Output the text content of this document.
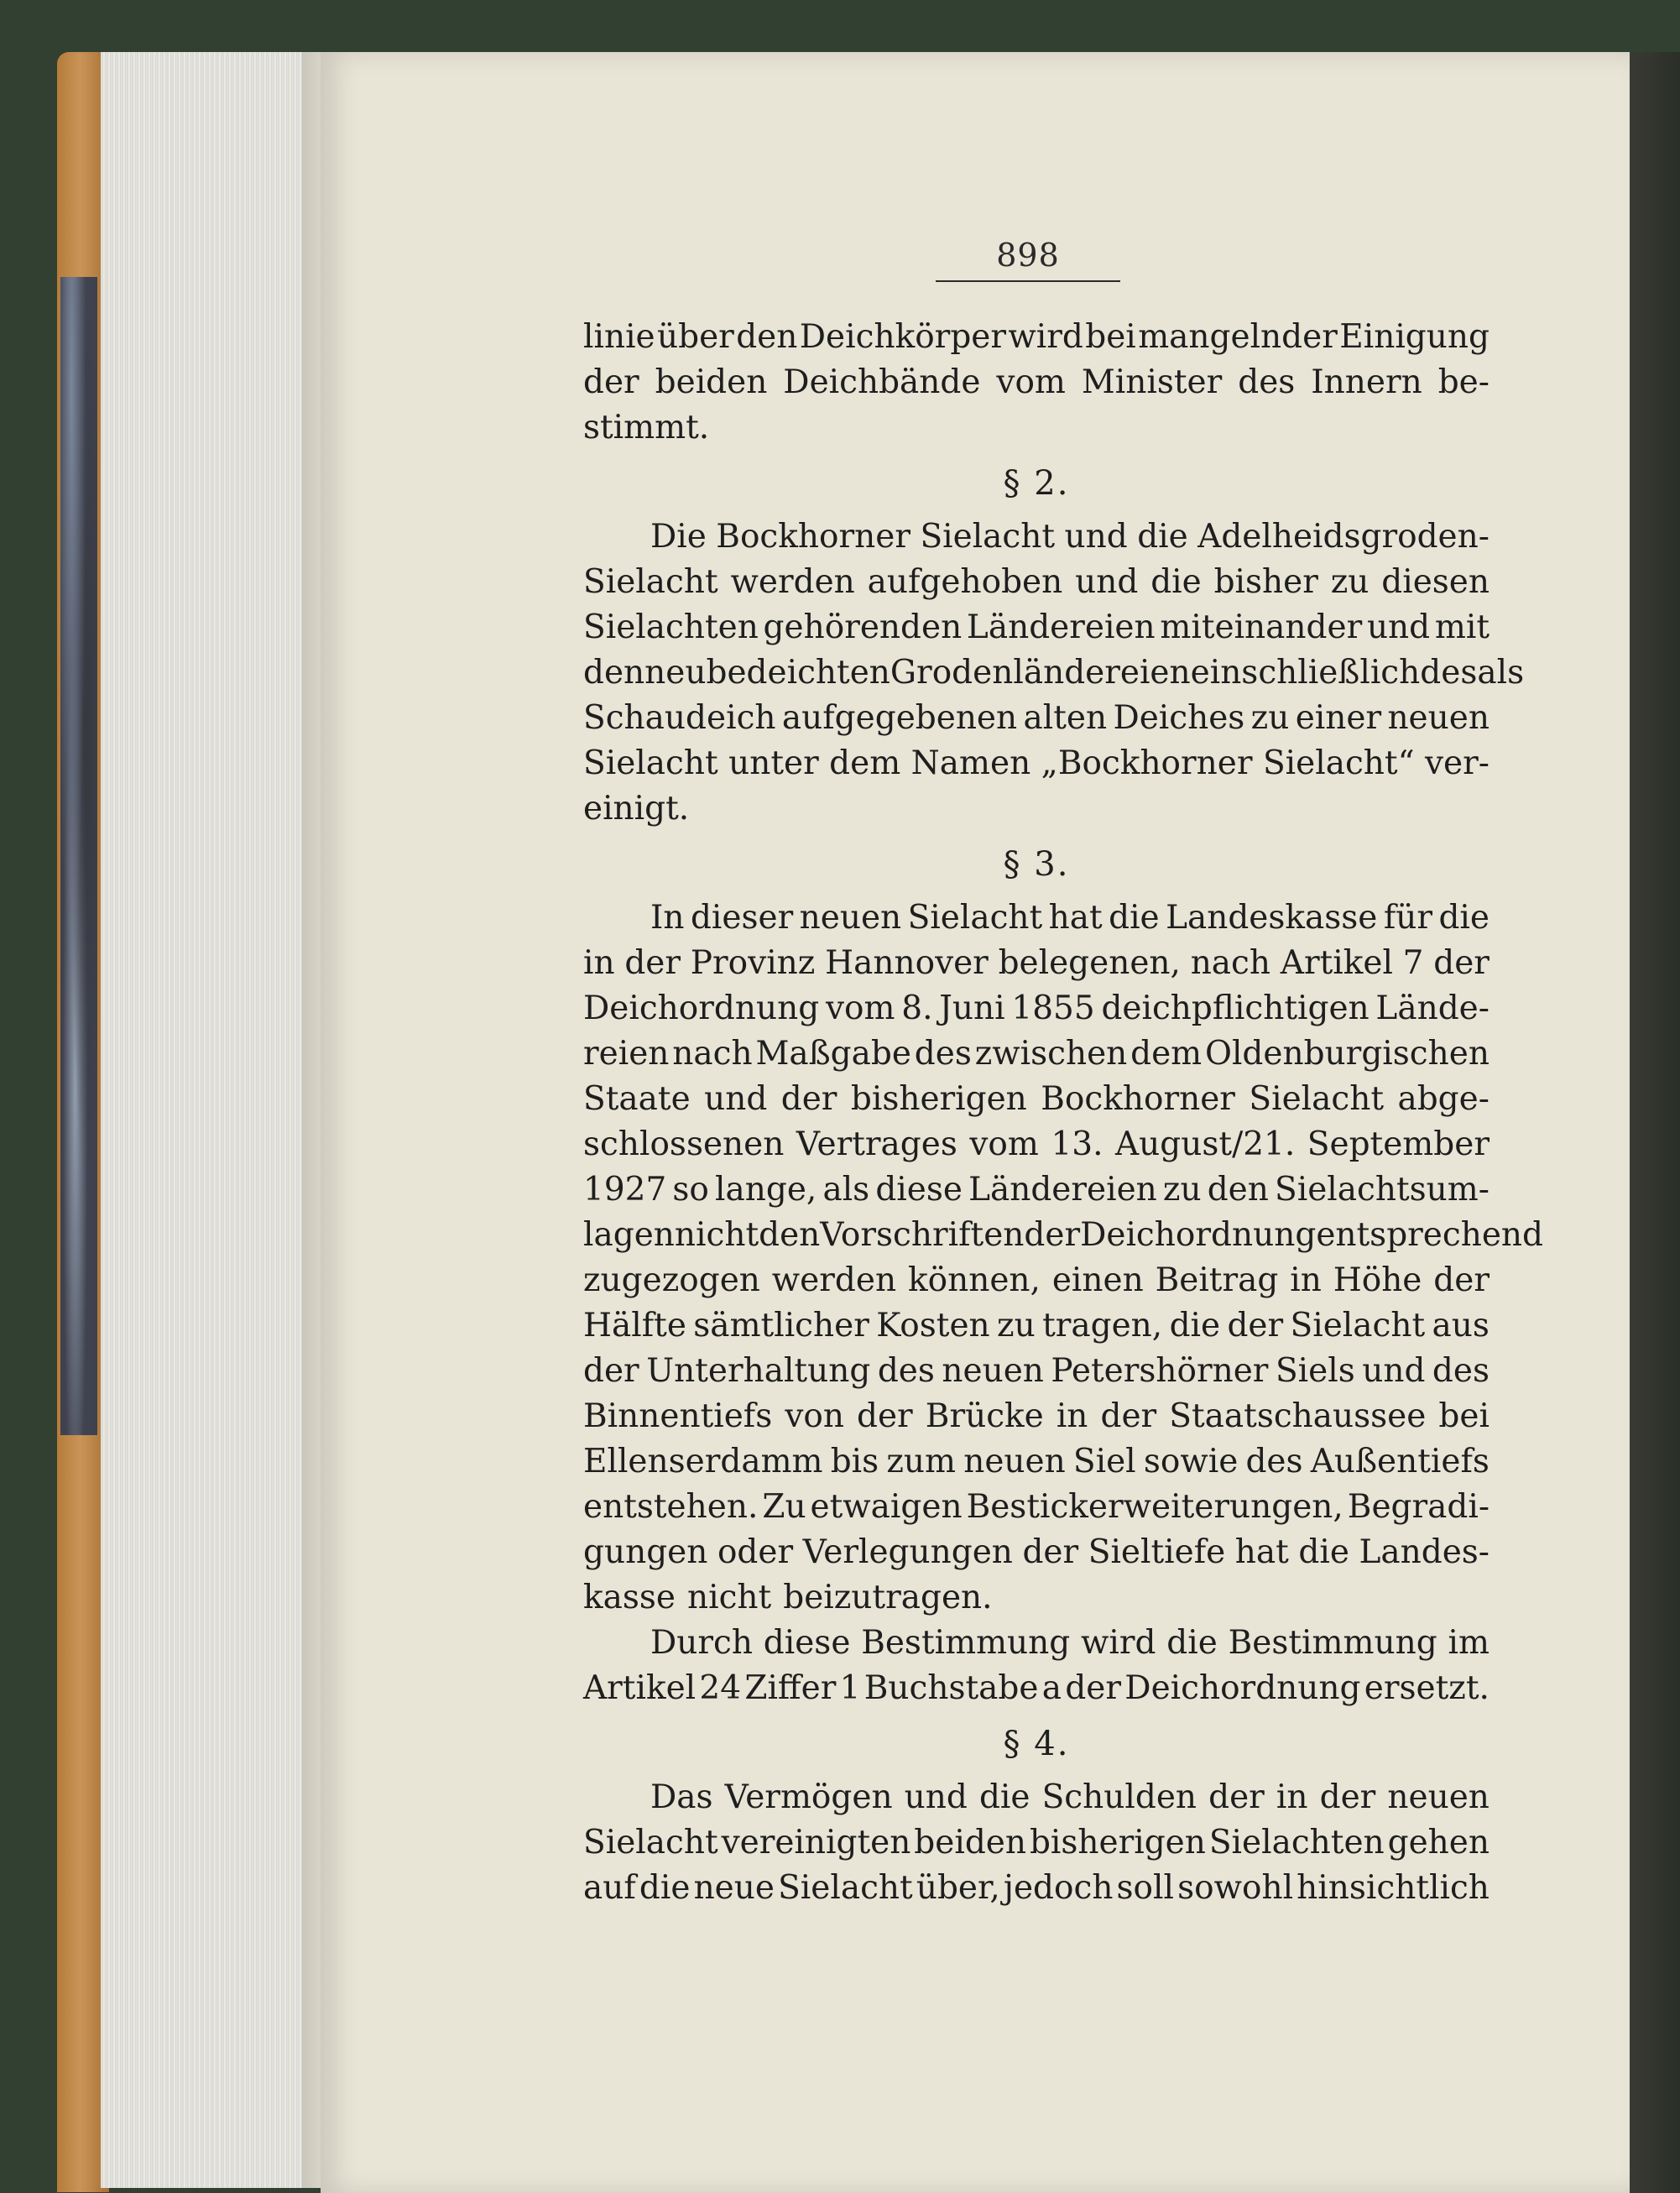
898
linie über den Deichkörper wird bei mangelnder Einigung
der beiden Deichbände vom Minister des Innern be-
stimmt.
§ 2.
Die Bockhorner Sielacht und die Adelheidsgroden-
Sielacht werden aufgehoben und die bisher zu diesen
Sielachten gehörenden Ländereien miteinander und mit
den neu bedeichten Grodenländereien einschließlich des als
Schaudeich aufgegebenen alten Deiches zu einer neuen
Sielacht unter dem Namen „Bockhorner Sielacht“ ver-
einigt.
§ 3.
In dieser neuen Sielacht hat die Landeskasse für die
in der Provinz Hannover belegenen, nach Artikel 7 der
Deichordnung vom 8. Juni 1855 deichpflichtigen Lände-
reien nach Maßgabe des zwischen dem Oldenburgischen
Staate und der bisherigen Bockhorner Sielacht abge-
schlossenen Vertrages vom 13. August/21. September
1927 so lange, als diese Ländereien zu den Sielachtsum-
lagen nicht den Vorschriften der Deichordnung entsprechend
zugezogen werden können, einen Beitrag in Höhe der
Hälfte sämtlicher Kosten zu tragen, die der Sielacht aus
der Unterhaltung des neuen Petershörner Siels und des
Binnentiefs von der Brücke in der Staatschaussee bei
Ellenserdamm bis zum neuen Siel sowie des Außentiefs
entstehen. Zu etwaigen Bestickerweiterungen, Begradi-
gungen oder Verlegungen der Sieltiefe hat die Landes-
kasse nicht beizutragen.
Durch diese Bestimmung wird die Bestimmung im
Artikel 24 Ziffer 1 Buchstabe a der Deichordnung ersetzt.
§ 4.
Das Vermögen und die Schulden der in der neuen
Sielacht vereinigten beiden bisherigen Sielachten gehen
auf die neue Sielacht über, jedoch soll sowohl hinsichtlich
